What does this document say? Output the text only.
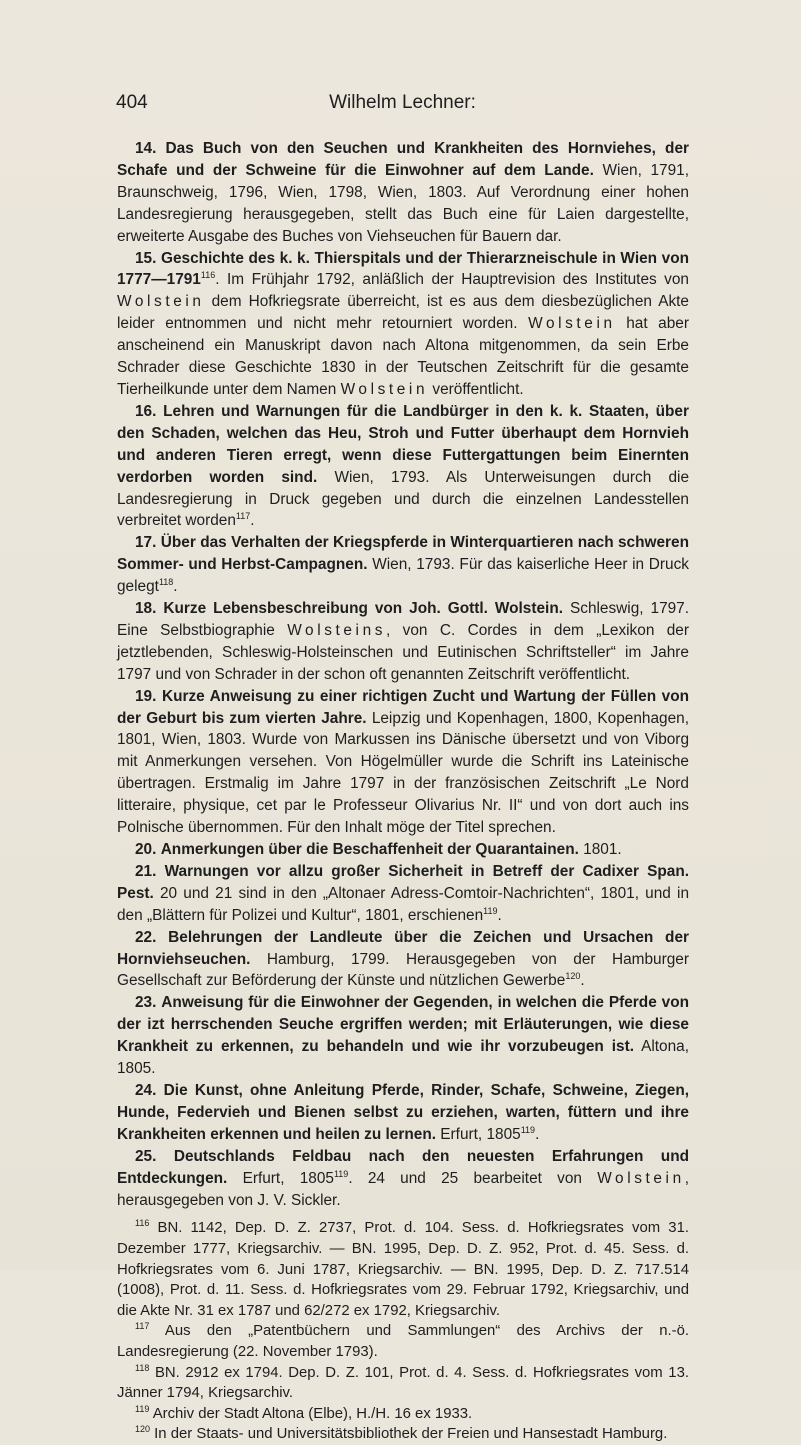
404	Wilhelm Lechner:

14. Das Buch von den Seuchen und Krankheiten des Hornviehes, der Schafe und der Schweine für die Einwohner auf dem Lande. Wien, 1791, Braunschweig, 1796, Wien, 1798, Wien, 1803. Auf Verordnung einer hohen Landesregierung herausgegeben, stellt das Buch eine für Laien dargestellte, erweiterte Ausgabe des Buches von Viehseuchen für Bauern dar.

15. Geschichte des k. k. Thierspitals und der Thierarzneischule in Wien von 1777—1791$^{116}$. Im Frühjahr 1792, anläßlich der Hauptrevision des Institutes von Wolstein dem Hofkriegsrate überreicht, ist es aus dem diesbezüglichen Akte leider entnommen und nicht mehr retourniert worden. Wolstein hat aber anscheinend ein Manuskript davon nach Altona mitgenommen, da sein Erbe Schrader diese Geschichte 1830 in der Teutschen Zeitschrift für die gesamte Tierheilkunde unter dem Namen Wolstein veröffentlicht.

16. Lehren und Warnungen für die Landbürger in den k. k. Staaten, über den Schaden, welchen das Heu, Stroh und Futter überhaupt dem Hornvieh und anderen Tieren erregt, wenn diese Futtergattungen beim Einernten verdorben worden sind. Wien, 1793. Als Unterweisungen durch die Landesregierung in Druck gegeben und durch die einzelnen Landesstellen verbreitet worden$^{117}$.

17. Über das Verhalten der Kriegspferde in Winterquartieren nach schweren Sommer- und Herbst-Campagnen. Wien, 1793. Für das kaiserliche Heer in Druck gelegt$^{118}$.

18. Kurze Lebensbeschreibung von Joh. Gottl. Wolstein. Schleswig, 1797. Eine Selbstbiographie Wolsteins, von C. Cordes in dem „Lexikon der jetztlebenden, Schleswig-Holsteinschen und Eutinischen Schriftsteller“ im Jahre 1797 und von Schrader in der schon oft genannten Zeitschrift veröffentlicht.

19. Kurze Anweisung zu einer richtigen Zucht und Wartung der Füllen von der Geburt bis zum vierten Jahre. Leipzig und Kopenhagen, 1800, Kopenhagen, 1801, Wien, 1803. Wurde von Markussen ins Dänische übersetzt und von Viborg mit Anmerkungen versehen. Von Högelmüller wurde die Schrift ins Lateinische übertragen. Erstmalig im Jahre 1797 in der französischen Zeitschrift „Le Nord litteraire, physique, cet par le Professeur Olivarius Nr. II“ und von dort auch ins Polnische übernommen. Für den Inhalt möge der Titel sprechen.

20. Anmerkungen über die Beschaffenheit der Quarantainen. 1801.

21. Warnungen vor allzu großer Sicherheit in Betreff der Cadixer Span. Pest. 20 und 21 sind in den „Altonaer Adress-Comtoir-Nachrichten“, 1801, und in den „Blättern für Polizei und Kultur“, 1801, erschienen$^{119}$.

22. Belehrungen der Landleute über die Zeichen und Ursachen der Hornviehseuchen. Hamburg, 1799. Herausgegeben von der Hamburger Gesellschaft zur Beförderung der Künste und nützlichen Gewerbe$^{120}$.

23. Anweisung für die Einwohner der Gegenden, in welchen die Pferde von der izt herrschenden Seuche ergriffen werden; mit Erläuterungen, wie diese Krankheit zu erkennen, zu behandeln und wie ihr vorzubeugen ist. Altona, 1805.

24. Die Kunst, ohne Anleitung Pferde, Rinder, Schafe, Schweine, Ziegen, Hunde, Federvieh und Bienen selbst zu erziehen, warten, füttern und ihre Krankheiten erkennen und heilen zu lernen. Erfurt, 1805$^{119}$.

25. Deutschlands Feldbau nach den neuesten Erfahrungen und Entdeckungen. Erfurt, 1805$^{119}$. 24 und 25 bearbeitet von Wolstein, herausgegeben von J. V. Sickler.

$^{116}$ BN. 1142, Dep. D. Z. 2737, Prot. d. 104. Sess. d. Hofkriegsrates vom 31. Dezember 1777, Kriegsarchiv. — BN. 1995, Dep. D. Z. 952, Prot. d. 45. Sess. d. Hofkriegsrates vom 6. Juni 1787, Kriegsarchiv. — BN. 1995, Dep. D. Z. 717.514 (1008), Prot. d. 11. Sess. d. Hofkriegsrates vom 29. Februar 1792, Kriegsarchiv, und die Akte Nr. 31 ex 1787 und 62/272 ex 1792, Kriegsarchiv.

$^{117}$ Aus den „Patentbüchern und Sammlungen“ des Archivs der n.-ö. Landesregierung (22. November 1793).

$^{118}$ BN. 2912 ex 1794. Dep. D. Z. 101, Prot. d. 4. Sess. d. Hofkriegsrates vom 13. Jänner 1794, Kriegsarchiv.

$^{119}$ Archiv der Stadt Altona (Elbe), H./H. 16 ex 1933.

$^{120}$ In der Staats- und Universitätsbibliothek der Freien und Hansestadt Hamburg.
